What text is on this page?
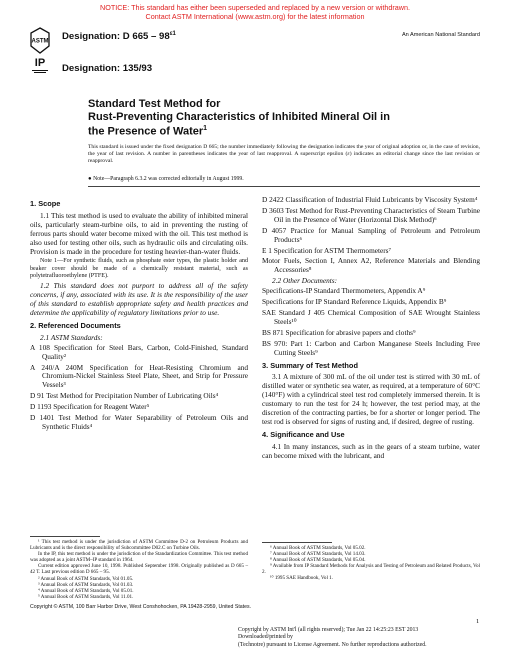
NOTICE: This standard has either been superseded and replaced by a new version or withdrawn.
Contact ASTM International (www.astm.org) for the latest information
ASTM Designation: D $665 - 98^{\varepsilon 1}$	An American National Standard
IP	Designation: 135/93
Standard Test Method for
Rust-Preventing Characteristics of Inhibited Mineral Oil in
the Presence of Water$^1$
This standard is issued under the fixed designation D 665; the number immediately following the designation indicates the year of original adoption or, in the case of revision, the year of last revision. A number in parentheses indicates the year of last reapproval. A superscript epsilon (ε) indicates an editorial change since the last revision or reapproval.
● Note—Paragraph 6.3.2 was corrected editorially in August 1999.
1. Scope

1.1 This test method is used to evaluate the ability of inhibited mineral oils, particularly steam-turbine oils, to aid in preventing the rusting of ferrous parts should water become mixed with the oil. This test method is also used for testing other oils, such as hydraulic oils and circulating oils. Provision is made in the procedure for testing heavier-than-water fluids.

Note 1—For synthetic fluids, such as phosphate ester types, the plastic holder and beaker cover should be made of a chemically resistant material, such as polytetrafluoroethylene (PTFE).

1.2 This standard does not purport to address all of the safety concerns, if any, associated with its use. It is the responsibility of the user of this standard to establish appropriate safety and health practices and determine the applicability of regulatory limitations prior to use.

2. Referenced Documents
2.1 ASTM Standards:

A 108 Specification for Steel Bars, Carbon, Cold-Finished, Standard Quality²

A 240/A 240M Specification for Heat-Resisting Chromium and Chromium-Nickel Stainless Steel Plate, Sheet, and Strip for Pressure Vessels³

D 91 Test Method for Precipitation Number of Lubricating Oils⁴

D 1193 Specification for Reagent Water⁵

D 1401 Test Method for Water Separability of Petroleum Oils and Synthetic Fluids⁴

D 2422 Classification of Industrial Fluid Lubricants by Viscosity System⁴

D 3603 Test Method for Rust-Preventing Characteristics of Steam Turbine Oil in the Presence of Water (Horizontal Disk Method)⁶

D 4057 Practice for Manual Sampling of Petroleum and Petroleum Products⁶

E 1 Specification for ASTM Thermometers⁷

Motor Fuels, Section I, Annex A2, Reference Materials and Blending Accessories⁸

2.2 Other Documents:

Specifications-IP Standard Thermometers, Appendix A⁹

Specifications for IP Standard Reference Liquids, Appendix B⁹

SAE Standard J 405 Chemical Composition of SAE Wrought Stainless Steels¹⁰

BS 871 Specification for abrasive papers and cloths⁹

BS 970: Part 1: Carbon and Carbon Manganese Steels Including Free Cutting Steels⁹

3. Summary of Test Method

3.1 A mixture of 300 mL of the oil under test is stirred with 30 mL of distilled water or synthetic sea water, as required, at a temperature of 60°C (140°F) with a cylindrical steel test rod completely immersed therein. It is customary to run the test for 24 h; however, the test period may, at the discretion of the contracting parties, be for a shorter or longer period. The test rod is observed for signs of rusting and, if desired, degree of rusting.

4. Significance and Use

4.1 In many instances, such as in the gears of a steam turbine, water can become mixed with the lubricant, and

¹ This test method is under the jurisdiction of ASTM Committee D-2 on Petroleum Products and Lubricants and is the direct responsibility of Subcommittee D02.C on Turbine Oils.
In the IP, this test method is under the jurisdiction of the Standardization Committee. This test method was adopted as a joint ASTM–IP standard in 1964.
Current edition approved June 10, 1998. Published September 1998. Originally published as D 665 – 42 T. Last previous edition D 665 – 95.
² Annual Book of ASTM Standards, Vol 01.05.
³ Annual Book of ASTM Standards, Vol 01.03.
⁴ Annual Book of ASTM Standards, Vol 05.01.
⁵ Annual Book of ASTM Standards, Vol 11.01.
⁶ Annual Book of ASTM Standards, Vol 05.02.
⁷ Annual Book of ASTM Standards, Vol 14.03.
⁸ Annual Book of ASTM Standards, Vol 05.04.
⁹ Available from IP Standard Methods for Analysis and Testing of Petroleum and Related Products, Vol 2.
¹⁰ 1995 SAE Handbook, Vol 1.
Copyright © ASTM, 100 Barr Harbor Drive, West Conshohocken, PA 19428-2959, United States.
1
Copyright by ASTM Int'l (all rights reserved); Tue Jan 22 14:25:23 EST 2013
Downloaded/printed by
(Technotre) pursuant to License Agreement. No further reproductions authorized.
